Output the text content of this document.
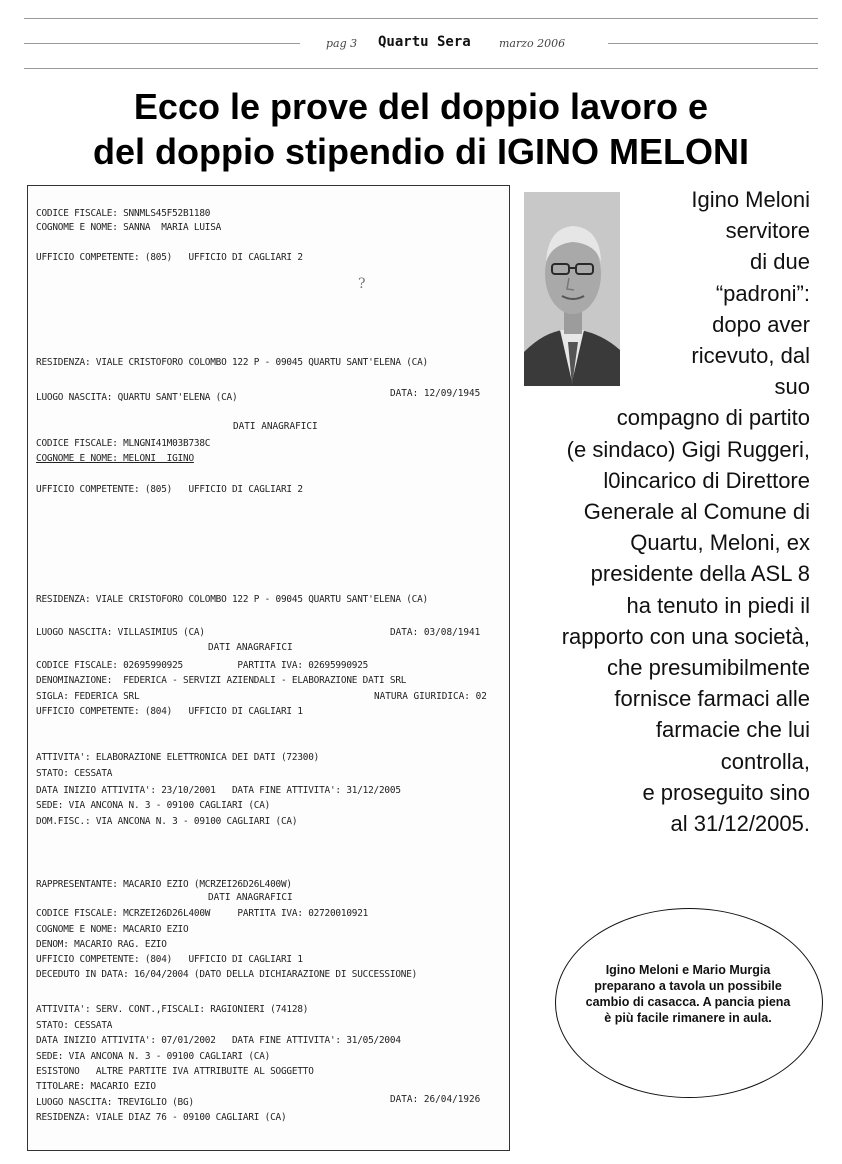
pag 3 Quartu Sera	marzo 2006
Ecco le prove del doppio lavoro e
del doppio stipendio di IGINO MELONI
CODICE FISCALE: SNNMLS45F52B1180
COGNOME E NOME: SANNA  MARIA LUISA
UFFICIO COMPETENTE: (805)   UFFICIO DI CAGLIARI 2
?
RESIDENZA: VIALE CRISTOFORO COLOMBO 122 P - 09045 QUARTU SANT'ELENA (CA)
LUOGO NASCITA: QUARTU SANT'ELENA (CA)	DATA: 12/09/1945
DATI ANAGRAFICI
CODICE FISCALE: MLNGNI41M03B738C
COGNOME E NOME: MELONI  IGINO
UFFICIO COMPETENTE: (805)   UFFICIO DI CAGLIARI 2
RESIDENZA: VIALE CRISTOFORO COLOMBO 122 P - 09045 QUARTU SANT'ELENA (CA)
LUOGO NASCITA: VILLASIMIUS (CA)	DATA: 03/08/1941
DATI ANAGRAFICI
CODICE FISCALE: 02695990925          PARTITA IVA: 02695990925
DENOMINAZIONE:  FEDERICA - SERVIZI AZIENDALI - ELABORAZIONE DATI SRL
SIGLA: FEDERICA SRL	NATURA GIURIDICA: 02
UFFICIO COMPETENTE: (804)   UFFICIO DI CAGLIARI 1
ATTIVITA': ELABORAZIONE ELETTRONICA DEI DATI (72300)
STATO: CESSATA
DATA INIZIO ATTIVITA': 23/10/2001   DATA FINE ATTIVITA': 31/12/2005
SEDE: VIA ANCONA N. 3 - 09100 CAGLIARI (CA)
DOM.FISC.: VIA ANCONA N. 3 - 09100 CAGLIARI (CA)
RAPPRESENTANTE: MACARIO EZIO (MCRZEI26D26L400W)
DATI ANAGRAFICI
CODICE FISCALE: MCRZEI26D26L400W     PARTITA IVA: 02720010921
COGNOME E NOME: MACARIO EZIO
DENOM: MACARIO RAG. EZIO
UFFICIO COMPETENTE: (804)   UFFICIO DI CAGLIARI 1
DECEDUTO IN DATA: 16/04/2004 (DATO DELLA DICHIARAZIONE DI SUCCESSIONE)
ATTIVITA': SERV. CONT.,FISCALI: RAGIONIERI (74128)
STATO: CESSATA
DATA INIZIO ATTIVITA': 07/01/2002   DATA FINE ATTIVITA': 31/05/2004
SEDE: VIA ANCONA N. 3 - 09100 CAGLIARI (CA)
ESISTONO   ALTRE PARTITE IVA ATTRIBUITE AL SOGGETTO
TITOLARE: MACARIO EZIO
LUOGO NASCITA: TREVIGLIO (BG)	DATA: 26/04/1926
RESIDENZA: VIALE DIAZ 76 - 09100 CAGLIARI (CA)
Igino Meloni
servitore
di due
“padroni”:
dopo aver
ricevuto, dal
suo
compagno di partito
(e sindaco) Gigi Ruggeri,
l0incarico di Direttore
Generale al Comune di
Quartu, Meloni, ex
presidente della ASL 8
ha tenuto in piedi il
rapporto con una società,
che presumibilmente
fornisce farmaci alle
farmacie che lui
controlla,
e proseguito sino
al 31/12/2005.
Igino Meloni e Mario Murgia
preparano a tavola un possibile
cambio di casacca. A pancia piena
è più facile rimanere in aula.
